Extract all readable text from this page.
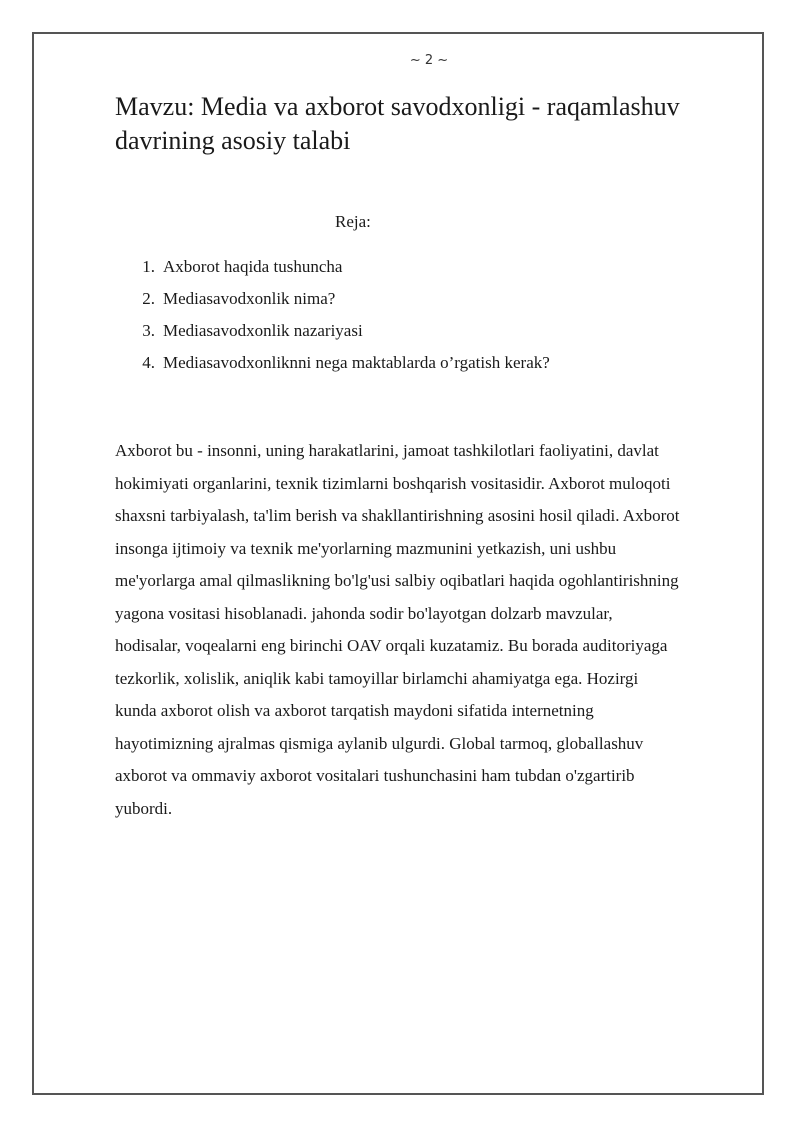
~ 2 ~
Mavzu: Media va axborot savodxonligi - raqamlashuv
davrining asosiy talabi
Reja:
1. Axborot haqida tushuncha
2. Mediasavodxonlik nima?
3. Mediasavodxonlik nazariyasi
4. Mediasavodxonliknni nega maktablarda o’rgatish kerak?
Axborot bu - insonni, uning harakatlarini, jamoat tashkilotlari faoliyatini, davlat
hokimiyati organlarini, texnik tizimlarni boshqarish vositasidir. Axborot muloqoti
shaxsni tarbiyalash, ta'lim berish va shakllantirishning asosini hosil qiladi. Axborot
insonga ijtimoiy va texnik me'yorlarning mazmunini yetkazish, uni ushbu
me'yorlarga amal qilmaslikning bo'lg'usi salbiy oqibatlari haqida ogohlantirishning
yagona vositasi hisoblanadi. jahonda sodir bo'layotgan dolzarb mavzular,
hodisalar, voqealarni eng birinchi OAV orqali kuzatamiz. Bu borada auditoriyaga
tezkorlik, xolislik, aniqlik kabi tamoyillar birlamchi ahamiyatga ega. Hozirgi
kunda axborot olish va axborot tarqatish maydoni sifatida internetning
hayotimizning ajralmas qismiga aylanib ulgurdi. Global tarmoq, globallashuv
axborot va ommaviy axborot vositalari tushunchasini ham tubdan o'zgartirib
yubordi.
